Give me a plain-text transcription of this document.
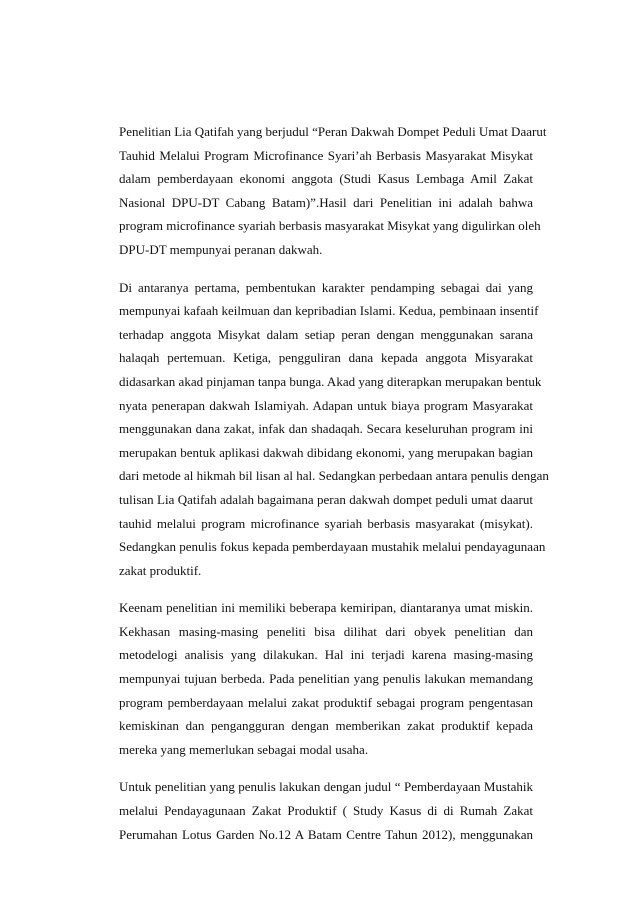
Penelitian Lia Qatifah yang berjudul “Peran Dakwah Dompet Peduli Umat Daarut
Tauhid Melalui Program Microfinance Syari’ah Berbasis Masyarakat Misykat
dalam pemberdayaan ekonomi anggota (Studi Kasus Lembaga Amil Zakat
Nasional DPU-DT Cabang Batam)”.Hasil dari Penelitian ini adalah bahwa
program microfinance syariah berbasis masyarakat Misykat yang digulirkan oleh
DPU-DT mempunyai peranan dakwah.

Di antaranya pertama, pembentukan karakter pendamping sebagai dai yang
mempunyai kafaah keilmuan dan kepribadian Islami. Kedua, pembinaan insentif
terhadap anggota Misykat dalam setiap peran dengan menggunakan sarana
halaqah pertemuan. Ketiga, pengguliran dana kepada anggota Misyarakat
didasarkan akad pinjaman tanpa bunga. Akad yang diterapkan merupakan bentuk
nyata penerapan dakwah Islamiyah. Adapan untuk biaya program Masyarakat
menggunakan dana zakat, infak dan shadaqah. Secara keseluruhan program ini
merupakan bentuk aplikasi dakwah dibidang ekonomi, yang merupakan bagian
dari metode al hikmah bil lisan al hal. Sedangkan perbedaan antara penulis dengan
tulisan Lia Qatifah adalah bagaimana peran dakwah dompet peduli umat daarut
tauhid melalui program microfinance syariah berbasis masyarakat (misykat).
Sedangkan penulis fokus kepada pemberdayaan mustahik melalui pendayagunaan
zakat produktif.

Keenam penelitian ini memiliki beberapa kemiripan, diantaranya umat miskin.
Kekhasan masing-masing peneliti bisa dilihat dari obyek penelitian dan
metodelogi analisis yang dilakukan. Hal ini terjadi karena masing-masing
mempunyai tujuan berbeda. Pada penelitian yang penulis lakukan memandang
program pemberdayaan melalui zakat produktif sebagai program pengentasan
kemiskinan dan pengangguran dengan memberikan zakat produktif kepada
mereka yang memerlukan sebagai modal usaha.

Untuk penelitian yang penulis lakukan dengan judul “ Pemberdayaan Mustahik
melalui Pendayagunaan Zakat Produktif ( Study Kasus di di Rumah Zakat
Perumahan Lotus Garden No.12 A Batam Centre Tahun 2012), menggunakan
